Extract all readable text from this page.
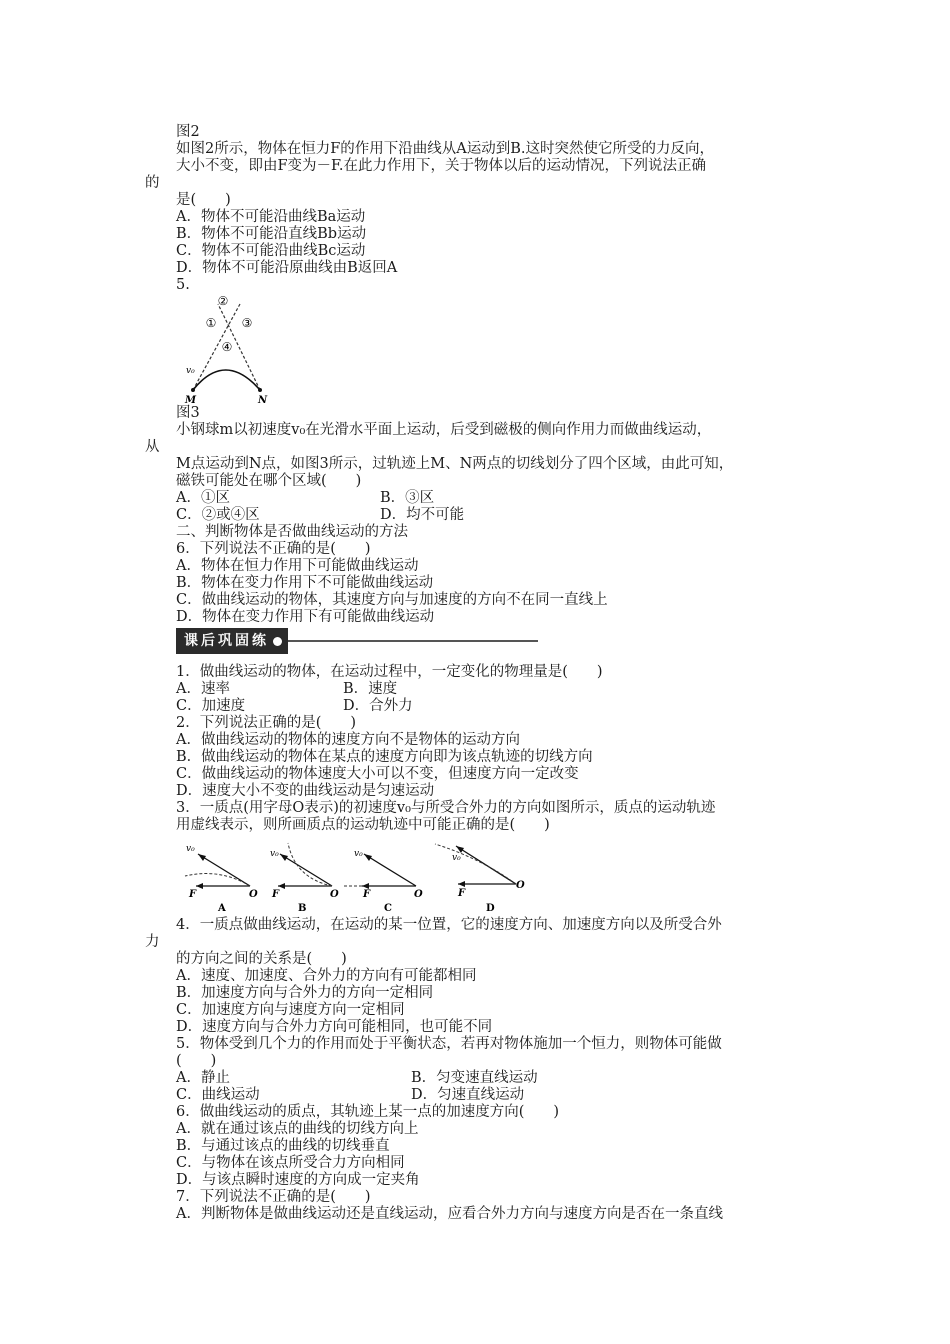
图2

如图2所示，物体在恒力F的作用下沿曲线从A运动到B.这时突然使它所受的力反向，

大小不变，即由F变为－F.在此力作用下，关于物体以后的运动情况，下列说法正确

的

是(　　)

A．物体不可能沿曲线Ba运动

B．物体不可能沿直线Bb运动

C．物体不可能沿曲线Bc运动

D．物体不可能沿原曲线由B返回A

5.

②
① ③
④
v₀
M	N

图3

小钢球m以初速度v₀在光滑水平面上运动，后受到磁极的侧向作用力而做曲线运动，

从

M点运动到N点，如图3所示，过轨迹上M、N两点的切线划分了四个区域，由此可知，

磁铁可能处在哪个区域(　　)

A．①区	B．③区

C．②或④区	D．均不可能

二、判断物体是否做曲线运动的方法

6．下列说法不正确的是(　　)

A．物体在恒力作用下可能做曲线运动

B．物体在变力作用下不可能做曲线运动

C．做曲线运动的物体，其速度方向与加速度的方向不在同一直线上

D．物体在变力作用下有可能做曲线运动

课后巩固练

1．做曲线运动的物体，在运动过程中，一定变化的物理量是(　　)

A．速率	B．速度

C．加速度	D．合外力

2．下列说法正确的是(　　)

A．做曲线运动的物体的速度方向不是物体的运动方向

B．做曲线运动的物体在某点的速度方向即为该点轨迹的切线方向

C．做曲线运动的物体速度大小可以不变，但速度方向一定改变

D．速度大小不变的曲线运动是匀速运动

3．一质点(用字母O表示)的初速度v₀与所受合外力的方向如图所示，质点的运动轨迹

用虚线表示，则所画质点的运动轨迹中可能正确的是(　　)

v₀
F	O
A
v₀
F	O
B
v₀
F	O
C
v₀
F
O
D

4．一质点做曲线运动，在运动的某一位置，它的速度方向、加速度方向以及所受合外

力

的方向之间的关系是(　　)

A．速度、加速度、合外力的方向有可能都相同

B．加速度方向与合外力的方向一定相同

C．加速度方向与速度方向一定相同

D．速度方向与合外力方向可能相同，也可能不同

5．物体受到几个力的作用而处于平衡状态，若再对物体施加一个恒力，则物体可能做

(　　)

A．静止	B．匀变速直线运动

C．曲线运动	D．匀速直线运动

6．做曲线运动的质点，其轨迹上某一点的加速度方向(　　)

A．就在通过该点的曲线的切线方向上

B．与通过该点的曲线的切线垂直

C．与物体在该点所受合力方向相同

D．与该点瞬时速度的方向成一定夹角

7．下列说法不正确的是(　　)

A．判断物体是做曲线运动还是直线运动，应看合外力方向与速度方向是否在一条直线
